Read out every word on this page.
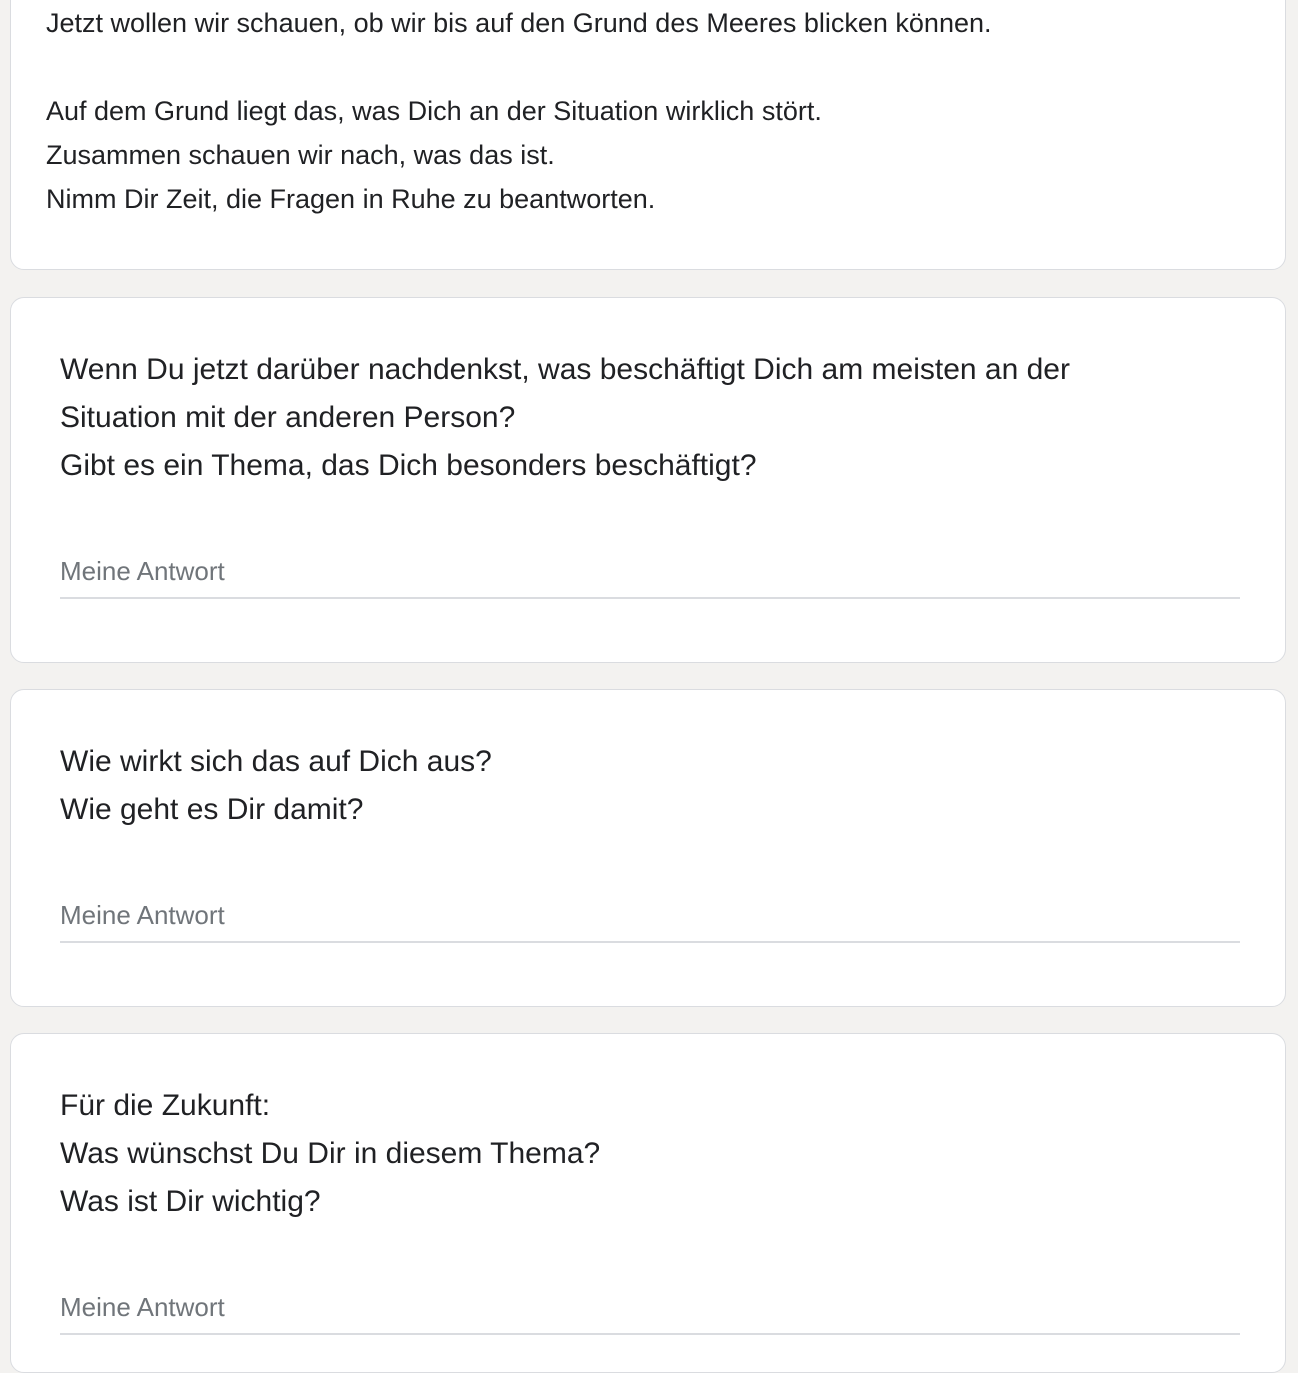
Jetzt wollen wir schauen, ob wir bis auf den Grund des Meeres blicken können.

Auf dem Grund liegt das, was Dich an der Situation wirklich stört.

Zusammen schauen wir nach, was das ist.

Nimm Dir Zeit, die Fragen in Ruhe zu beantworten.

Wenn Du jetzt darüber nachdenkst, was beschäftigt Dich am meisten an der

Situation mit der anderen Person?

Gibt es ein Thema, das Dich besonders beschäftigt?

Meine Antwort

Wie wirkt sich das auf Dich aus?

Wie geht es Dir damit?

Meine Antwort

Für die Zukunft:

Was wünschst Du Dir in diesem Thema?

Was ist Dir wichtig?

Meine Antwort
